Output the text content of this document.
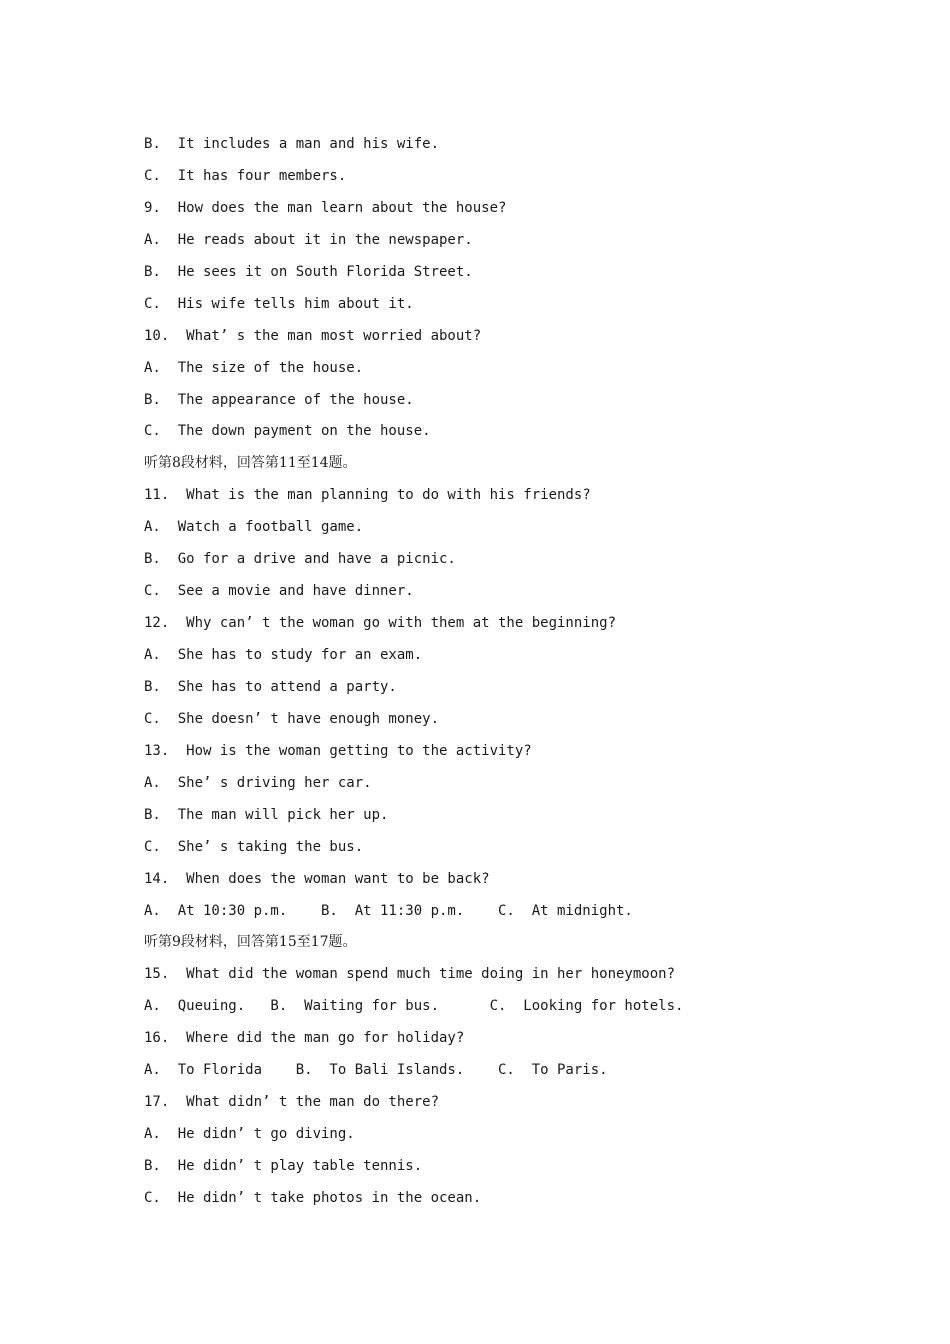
B.  It includes a man and his wife.
C.  It has four members.
9.  How does the man learn about the house?
A.  He reads about it in the newspaper.
B.  He sees it on South Florida Street.
C.  His wife tells him about it.
10.  What’ s the man most worried about?
A.  The size of the house.
B.  The appearance of the house.
C.  The down payment on the house.
听第8段材料，回答第11至14题。
11.  What is the man planning to do with his friends?
A.  Watch a football game.
B.  Go for a drive and have a picnic.
C.  See a movie and have dinner.
12.  Why can’ t the woman go with them at the beginning?
A.  She has to study for an exam.
B.  She has to attend a party.
C.  She doesn’ t have enough money.
13.  How is the woman getting to the activity?
A.  She’ s driving her car.
B.  The man will pick her up.
C.  She’ s taking the bus.
14.  When does the woman want to be back?
A.  At 10:30 p.m.    B.  At 11:30 p.m.    C.  At midnight.
听第9段材料，回答第15至17题。
15.  What did the woman spend much time doing in her honeymoon?
A.  Queuing.   B.  Waiting for bus.      C.  Looking for hotels.
16.  Where did the man go for holiday?
A.  To Florida    B.  To Bali Islands.    C.  To Paris.
17.  What didn’ t the man do there?
A.  He didn’ t go diving.
B.  He didn’ t play table tennis.
C.  He didn’ t take photos in the ocean.
